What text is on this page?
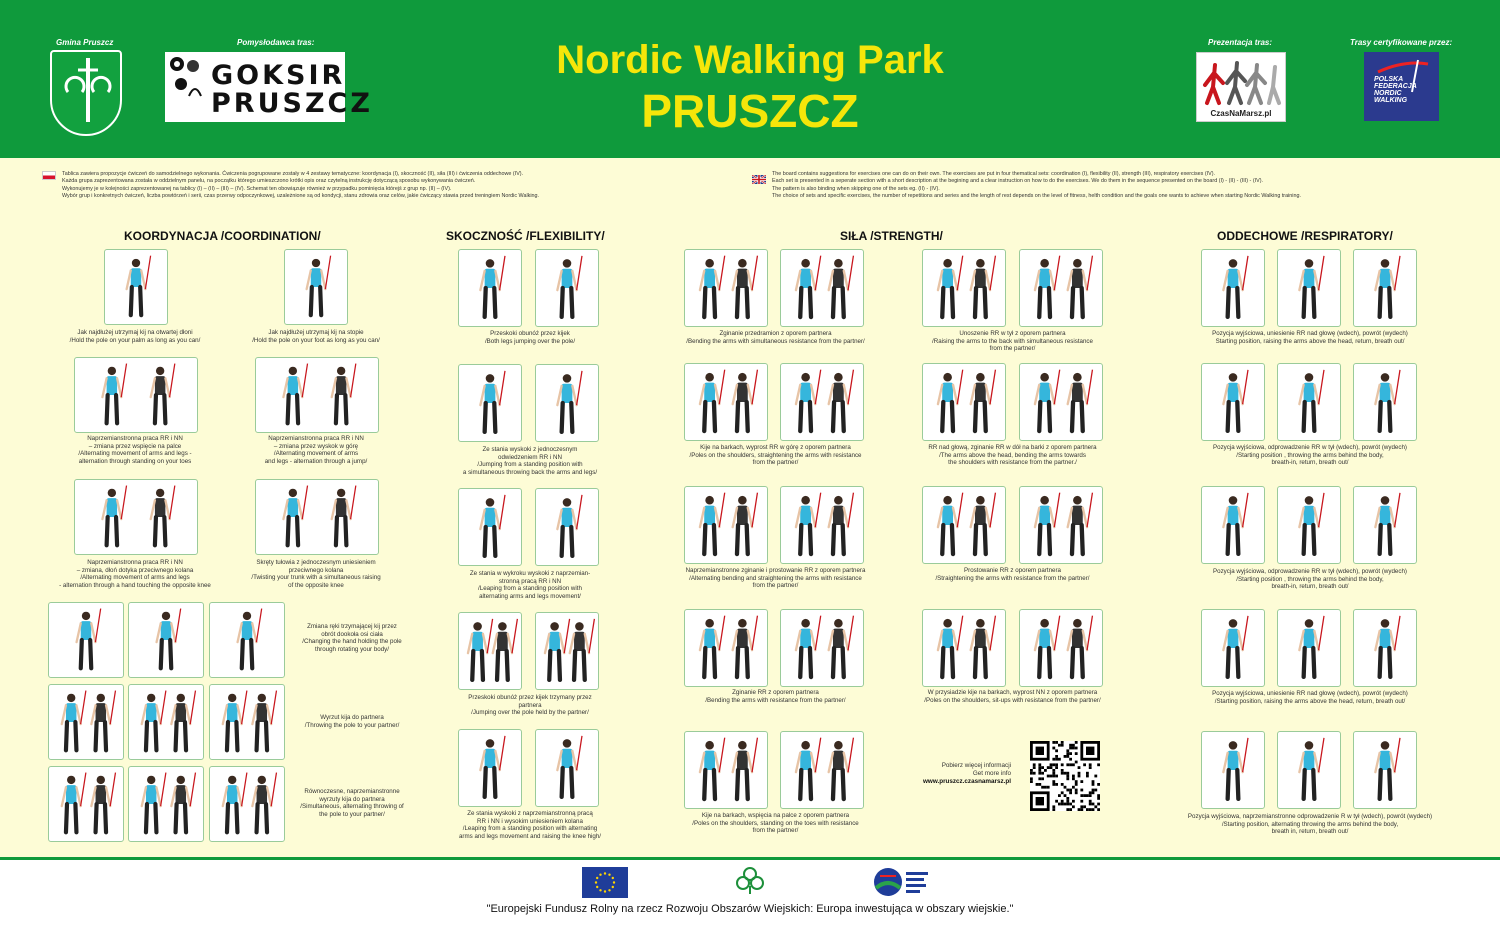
Gmina Pruszcz	Pomysłodawca tras:
GOKSIR
PRUSZCZ
Nordic Walking Park
PRUSZCZ
Prezentacja tras:
CzasNaMarsz.pl
Trasy certyfikowane przez:
POLSKA
FEDERACJA
NORDIC
WALKING
Tablica zawiera propozycje ćwiczeń do samodzielnego wykonania. Ćwiczenia pogrupowane zostały w 4 zestawy tematyczne: koordynacja (I), skoczność (II), siła (III) i ćwiczenia oddechowe (IV).
Każda grupa zaprezentowana została w oddzielnym panelu, na początku którego umieszczono krótki opis oraz czytelną instrukcję dotyczącą sposobu wykonywania ćwiczeń.
Wykonujemy je w kolejności zaprezentowanej na tablicy (I) – (II) – (III) – (IV). Schemat ten obowiązuje również w przypadku pominięcia którejś z grup np. (II) – (IV).
Wybór grup i konkretnych ćwiczeń, liczba powtórzeń i serii, czas przerwy odpoczynkowej, uzależnione są od kondycji, stanu zdrowia oraz celów, jakie ćwiczący stawia przed treningiem Nordic Walking.
The board contains suggestions for exercises one can do on their own. The exercises are put in four thematical sets: coordination (I), flexibility (II), strength (III), respiratory exercises (IV).
Each set is presented in a seperate section with a short description at the begining and a clear instruction on how to do the exercises. We do them in the sequence presented on the board (I) - (II) - (III) - (IV).
The pattern is also binding when skipping one of the sets eg. (II) - (IV).
The choice of sets and specific exercises, the number of repetitions and series and the length of rest depends on the level of fitness, helth condition and the goals one wants to achieve when starting Nordic Walking training.
KOORDYNACJA /COORDINATION/	SKOCZNOŚĆ /FLEXIBILITY/	SIŁA /STRENGTH/	ODDECHOWE /RESPIRATORY/
Jak najdłużej utrzymaj kij na otwartej dłoni
/Hold the pole on your palm as long as you can/
Jak najdłużej utrzymaj kij na stopie
/Hold the pole on your foot as long as you can/
Naprzemianstronna praca RR i NN
– zmiana przez wspięcie na palce
/Alternating movement of arms and legs -
alternation through standing on your toes
Naprzemianstronna praca RR i NN
– zmiana przez wyskok w górę
/Alternating movement of arms
and legs - alternation through a jump/
Naprzemianstronna praca RR i NN
– zmiana, dłoń dotyka przeciwnego kolana
/Alternating movement of arms and legs
- alternation through a hand touching the opposite knee
Skręty tułowia z jednoczesnym uniesieniem
przeciwnego kolana
/Twisting your trunk with a simultaneous raising
of the opposite knee
Zmiana ręki trzymającej kij przez
obrót dookoła osi ciała
/Changing the hand holding the pole
through rotating your body/
Wyrzut kija do partnera
/Throwing the pole to your partner/
Równoczesne, naprzemianstronne
wyrzuty kija do partnera
/Simultaneous, alternating throwing of
the pole to your partner/
Przeskoki obunóż przez kijek
/Both legs jumping over the pole/
Ze stania wyskoki z jednoczesnym
odwiedzeniem RR i NN
/Jumping from a standing position with
a simultaneous throwing back the arms and legs/
Ze stania w wykroku wyskoki z naprzemian-
stronną pracą RR i NN
/Leaping from a standing position with
alternating arms and legs movement/
Przeskoki obunóż przez kijek trzymany przez
partnera
/Jumping over the pole held by the partner/
Ze stania wyskoki z naprzemianstronną pracą
RR i NN i wysokim uniesieniem kolana
/Leaping from a standing position with alternating
arms and legs movement and raising the knee high/
Zginanie przedramion z oporem partnera
/Bending the arms with simultaneous resistance from the partner/
Unoszenie RR w tył z oporem partnera
/Raising the arms to the back with simultaneous resistance
from the partner/
Kije na barkach, wyprost RR w górę z oporem partnera
/Poles on the shoulders, straightening the arms with resistance
from the partner/
RR nad głową, zginanie RR w dół na barki z oporem partnera
/The arms above the head, bending the arms towards
the shoulders with resistance from the partner./
Naprzemianstronne zginanie i prostowanie RR z oporem partnera
/Alternating bending and straightening the arms with resistance
from the partner/
Prostowanie RR z oporem partnera
/Straightening the arms with resistance from the partner/
Zginanie RR z oporem partnera
/Bending the arms with resistance from the partner/
W przysiadzie kije na barkach, wyprost NN z oporem partnera
/Poles on the shoulders, sit-ups with resistance from the partner/
Kije na barkach, wspięcia na palce z oporem partnera
/Poles on the shoulders, standing on the toes with resistance
from the partner/
Pozycja wyjściowa, uniesienie RR nad głowę (wdech), powrót (wydech)
Starting position, raising the arms above the head, return, breath out/
Pozycja wyjściowa, odprowadzenie RR w tył (wdech), powrót (wydech)
/Starting position , throwing the arms behind the body,
breath-in, return, breath out/
Pozycja wyjściowa, odprowadzenie RR w tył (wdech), powrót (wydech)
/Starting position , throwing the arms behind the body,
breath-in, return, breath out/
Pozycja wyjściowa, uniesienie RR nad głowę (wdech), powrót (wydech)
/Starting position, raising the arms above the head, return, breath out/
Pozycja wyjściowa, naprzemianstronne odprowadzenie R w tył (wdech), powrót (wydech)
/Starting position, alternating throwing the arms behind the body,
breath in, return, breath out/
Pobierz więcej informacji
Get more info
www.pruszcz.czasnamarsz.pl
"Europejski Fundusz Rolny na rzecz Rozwoju Obszarów Wiejskich: Europa inwestująca w obszary wiejskie."
